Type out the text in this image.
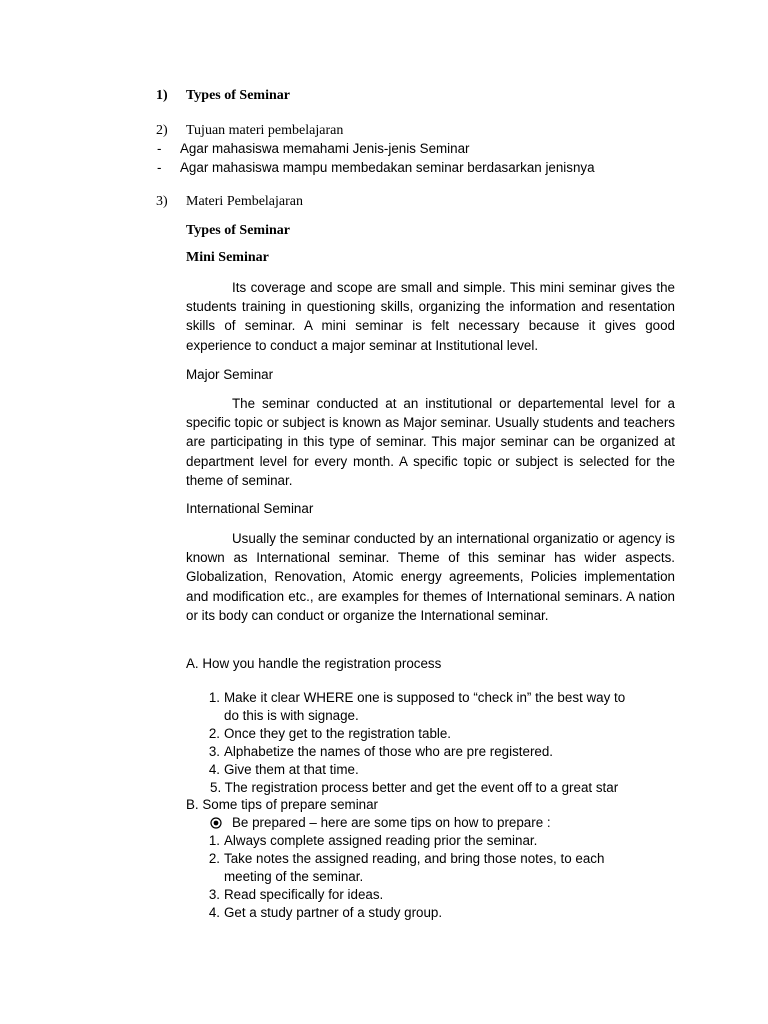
1) Types of Seminar
2) Tujuan materi pembelajaran
- Agar mahasiswa memahami Jenis-jenis Seminar
- Agar mahasiswa mampu membedakan seminar berdasarkan jenisnya
3) Materi Pembelajaran
Types of Seminar
Mini Seminar
Its coverage and scope are small and simple. This mini seminar gives the students training in questioning skills, organizing the information and resentation skills of seminar. A mini seminar is felt necessary because it gives good experience to conduct a major seminar at Institutional level.
Major Seminar
The seminar conducted at an institutional or departemental level for a specific topic or subject is known as Major seminar. Usually students and teachers are participating in this type of seminar. This major seminar can be organized at department level for every month. A specific topic or subject is selected for the theme of seminar.
International Seminar
Usually the seminar conducted by an international organizatio or agency is known as International seminar. Theme of this seminar has wider aspects. Globalization, Renovation, Atomic energy agreements, Policies implementation and modification etc., are examples for themes of International seminars. A nation or its body can conduct or organize the International seminar.
A. How you handle the registration process
1. Make it clear WHERE one is supposed to “check in” the best way to
do this is with signage.
2. Once they get to the registration table.
3. Alphabetize the names of those who are pre registered.
4. Give them at that time.
5. The registration process better and get the event off to a great star
B. Some tips of prepare seminar
Be prepared – here are some tips on how to prepare :
1. Always complete assigned reading prior the seminar.
2. Take notes the assigned reading, and bring those notes, to each
meeting of the seminar.
3. Read specifically for ideas.
4. Get a study partner of a study group.
